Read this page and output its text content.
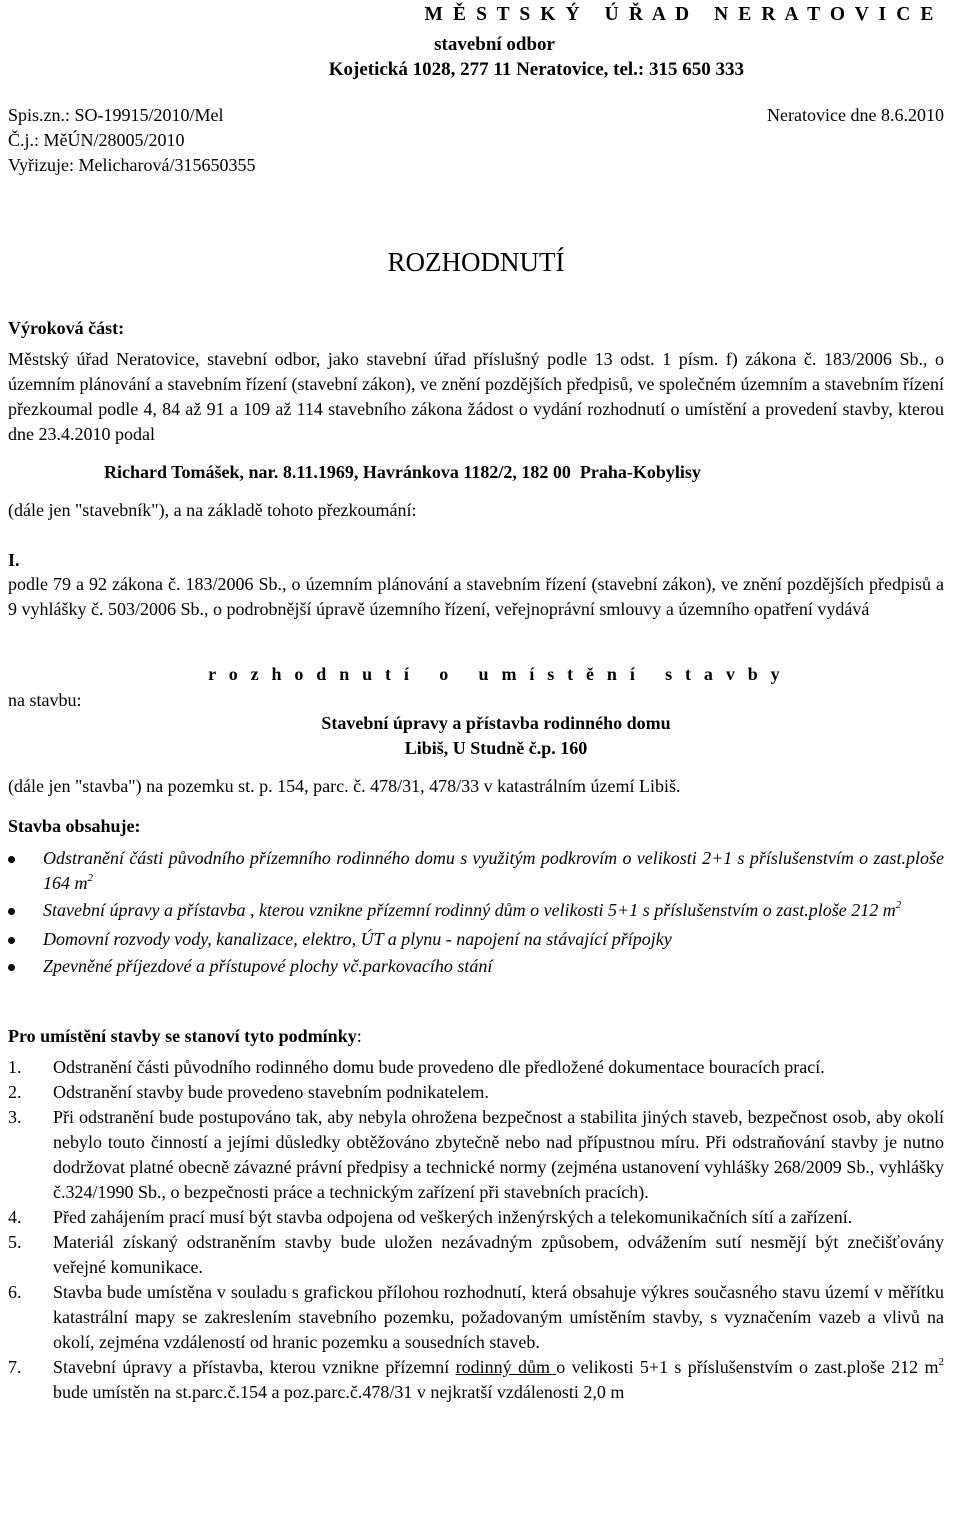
M Ě S T S K Ý   Ú Ř A D   N E R A T O V I C E
stavební odbor
Kojetická 1028, 277 11 Neratovice, tel.: 315 650 333
Spis.zn.: SO-19915/2010/Mel	Neratovice dne 8.6.2010
Č.j.: MěÚN/28005/2010
Vyřizuje: Melicharová/315650355
ROZHODNUTÍ
Výroková část:
Městský úřad Neratovice, stavební odbor, jako stavební úřad příslušný podle 13 odst. 1 písm. f) zákona č. 183/2006 Sb., o územním plánování a stavebním řízení (stavební zákon), ve znění pozdějších předpisů, ve společném územním a stavebním řízení přezkoumal podle 4, 84 až 91 a 109 až 114 stavebního zákona žádost o vydání rozhodnutí o umístění a provedení stavby, kterou dne 23.4.2010 podal
Richard Tomášek, nar. 8.11.1969, Havránkova 1182/2, 182 00  Praha-Kobylisy
(dále jen "stavebník"), a na základě tohoto přezkoumání:
I.
podle 79 a 92 zákona č. 183/2006 Sb., o územním plánování a stavebním řízení (stavební zákon), ve znění pozdějších předpisů a 9 vyhlášky č. 503/2006 Sb., o podrobnější úpravě územního řízení, veřejnoprávní smlouvy a územního opatření vydává
r o z h o d n u t í   o   u m í s t ě n í   s t a v b y
na stavbu:
Stavební úpravy a přístavba rodinného domu
Libiš, U Studně č.p. 160
(dále jen "stavba") na pozemku st. p. 154, parc. č. 478/31, 478/33 v katastrálním území Libiš.
Stavba obsahuje:
Odstranění části původního přízemního rodinného domu s využitým podkrovím o velikosti 2+1 s příslušenstvím o zast.ploše 164 $m^2$
Stavební úpravy a přístavba , kterou vznikne přízemní rodinný dům o velikosti 5+1 s příslušenstvím o zast.ploše 212 $m^2$
Domovní rozvody vody, kanalizace, elektro, ÚT a plynu - napojení na stávající přípojky
Zpevněné příjezdové a přístupové plochy vč.parkovacího stání
Pro umístění stavby se stanoví tyto podmínky:
1. Odstranění části původního rodinného domu bude provedeno dle předložené dokumentace bouracích prací.
2. Odstranění stavby bude provedeno stavebním podnikatelem.
3. Při odstranění bude postupováno tak, aby nebyla ohrožena bezpečnost a stabilita jiných staveb, bezpečnost osob, aby okolí nebylo touto činností a jejími důsledky obtěžováno zbytečně nebo nad přípustnou míru. Při odstraňování stavby je nutno dodržovat platné obecně závazné právní předpisy a technické normy (zejména ustanovení vyhlášky 268/2009 Sb., vyhlášky č.324/1990 Sb., o bezpečnosti práce a technickým zařízení při stavebních pracích).
4. Před zahájením prací musí být stavba odpojena od veškerých inženýrských a telekomunikačních sítí a zařízení.
5. Materiál získaný odstraněním stavby bude uložen nezávadným způsobem, odvážením sutí nesmějí být znečišťovány veřejné komunikace.
6. Stavba bude umístěna v souladu s grafickou přílohou rozhodnutí, která obsahuje výkres současného stavu území v měřítku katastrální mapy se zakreslením stavebního pozemku, požadovaným umístěním stavby, s vyznačením vazeb a vlivů na okolí, zejména vzdáleností od hranic pozemku a sousedních staveb.
7. Stavební úpravy a přístavba, kterou vznikne přízemní rodinný dům o velikosti 5+1 s příslušenstvím o zast.ploše 212 $m^2$ bude umístěn na st.parc.č.154 a poz.parc.č.478/31 v nejkratší vzdálenosti 2,0 m
